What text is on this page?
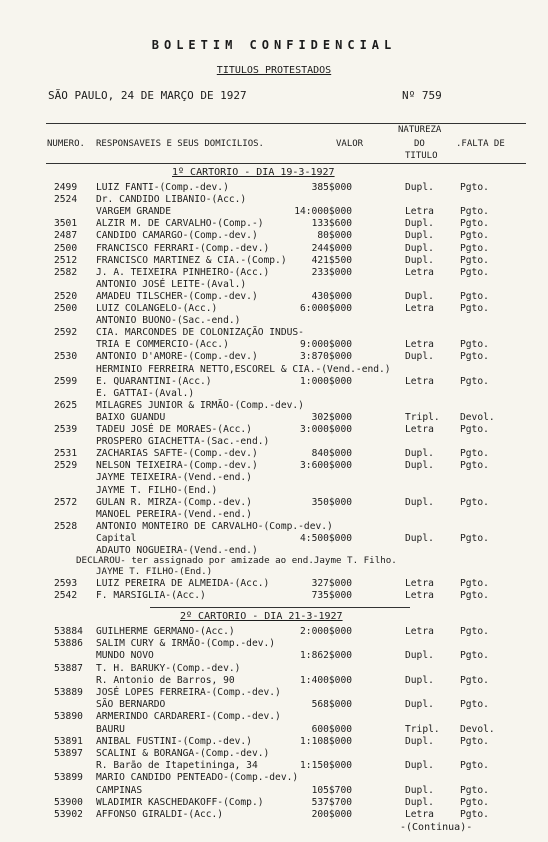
BOLETIM CONFIDENCIAL
TITULOS PROTESTADOS
SÃO PAULO, 24 DE MARÇO DE 1927	Nº 759
NUMERO. RESPONSAVEIS E SEUS DOMICILIOS.	VALOR
NATUREZA
DO
TITULO
.FALTA DE
1º CARTORIO - DIA 19-3-1927
2499 LUIZ FANTI-(Comp.-dev.)	385$000	Dupl.	Pgto.
2524 Dr. CANDIDO LIBANIO-(Acc.)
VARGEM GRANDE	14:000$000	Letra	Pgto.
3501 ALZIR M. DE CARVALHO-(Comp.-)	133$600	Dupl.	Pgto.
2487 CANDIDO CAMARGO-(Comp.-dev.)	80$000	Dupl.	Pgto.
2500 FRANCISCO FERRARI-(Comp.-dev.)	244$000	Dupl.	Pgto.
2512 FRANCISCO MARTINEZ & CIA.-(Comp.)	421$500	Dupl.	Pgto.
2582 J. A. TEIXEIRA PINHEIRO-(Acc.)	233$000	Letra	Pgto.
ANTONIO JOSÉ LEITE-(Aval.)
2520 AMADEU TILSCHER-(Comp.-dev.)	430$000	Dupl.	Pgto.
2500 LUIZ COLANGELO-(Acc.)	6:000$000	Letra	Pgto.
ANTONIO BUONO-(Sac.-end.)
2592 CIA. MARCONDES DE COLONIZAÇÃO INDUS-
TRIA E COMMERCIO-(Acc.)	9:000$000	Letra	Pgto.
2530 ANTONIO D'AMORE-(Comp.-dev.)	3:870$000	Dupl.	Pgto.
HERMINIO FERREIRA NETTO,ESCOREL & CIA.-(Vend.-end.)
2599 E. QUARANTINI-(Acc.)	1:000$000	Letra	Pgto.
E. GATTAI-(Aval.)
2625 MILAGRES JUNIOR & IRMÃO-(Comp.-dev.)
BAIXO GUANDU	302$000	Tripl. Devol.
2539 TADEU JOSÉ DE MORAES-(Acc.)	3:000$000	Letra	Pgto.
PROSPERO GIACHETTA-(Sac.-end.)
2531 ZACHARIAS SAFTE-(Comp.-dev.)	840$000	Dupl.	Pgto.
2529 NELSON TEIXEIRA-(Comp.-dev.)	3:600$000	Dupl.	Pgto.
JAYME TEIXEIRA-(Vend.-end.)
JAYME T. FILHO-(End.)
2572 GULAN R. MIRZA-(Comp.-dev.)	350$000	Dupl.	Pgto.
MANOEL PEREIRA-(Vend.-end.)
2528 ANTONIO MONTEIRO DE CARVALHO-(Comp.-dev.)
Capital	4:500$000	Dupl.	Pgto.
ADAUTO NOGUEIRA-(Vend.-end.)
DECLAROU- ter assignado por amizade ao end.Jayme T. Filho.
JAYME T. FILHO-(End.)
2593 LUIZ PEREIRA DE ALMEIDA-(Acc.)	327$000	Letra	Pgto.
2542 F. MARSIGLIA-(Acc.)	735$000	Letra	Pgto.
2º CARTORIO - DIA 21-3-1927
53884 GUILHERME GERMANO-(Acc.)	2:000$000	Letra	Pgto.
53886 SALIM CURY & IRMÃO-(Comp.-dev.)
MUNDO NOVO	1:862$000	Dupl.	Pgto.
53887 T. H. BARUKY-(Comp.-dev.)
R. Antonio de Barros, 90	1:400$000	Dupl.	Pgto.
53889 JOSÉ LOPES FERREIRA-(Comp.-dev.)
SÃO BERNARDO	568$000	Dupl.	Pgto.
53890 ARMERINDO CARDARERI-(Comp.-dev.)
BAURU	600$000	Tripl. Devol.
53891 ANIBAL FUSTINI-(Comp.-dev.)	1:108$000	Dupl.	Pgto.
53897 SCALINI & BORANGA-(Comp.-dev.)
R. Barão de Itapetininga, 34	1:150$000	Dupl.	Pgto.
53899 MARIO CANDIDO PENTEADO-(Comp.-dev.)
CAMPINAS	105$700	Dupl.	Pgto.
53900 WLADIMIR KASCHEDAKOFF-(Comp.)	537$700	Dupl.	Pgto.
53902 AFFONSO GIRALDI-(Acc.)	200$000	Letra	Pgto.
-(Continua)-
